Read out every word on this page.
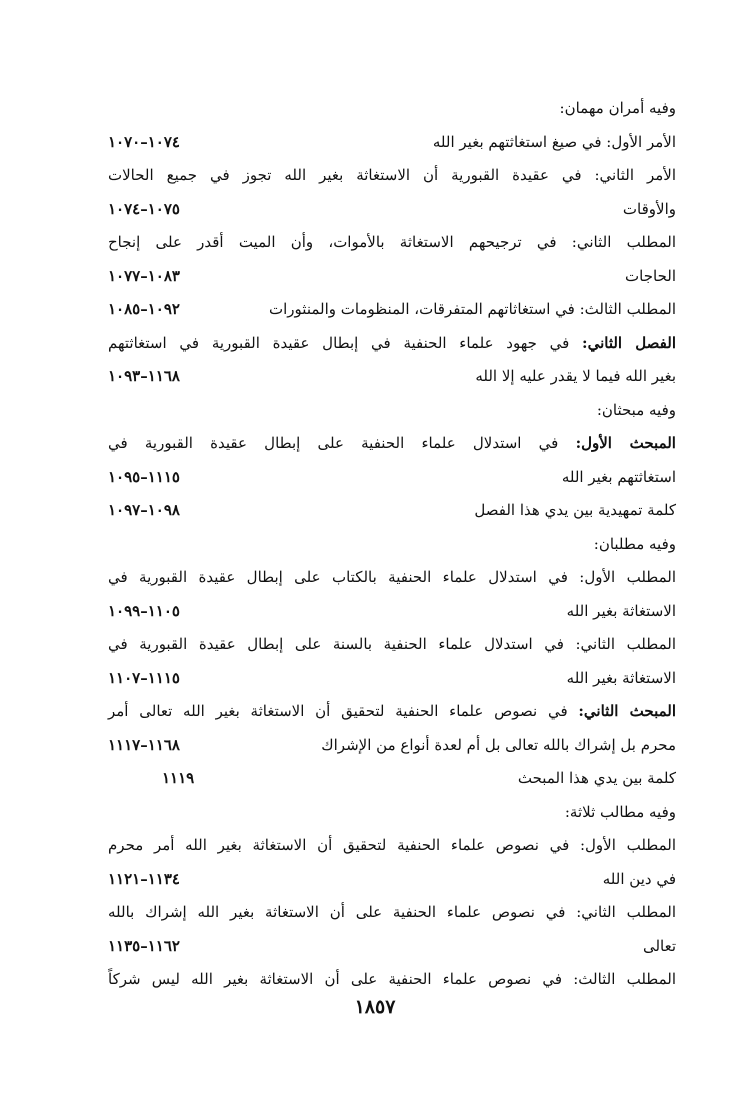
وفيه أمران مهمان:
الأمر الأول: في صيغ استغاثتهم بغير الله
١٠٧٤–١٠٧٠
الأمر الثاني: في عقيدة القبورية أن الاستغاثة بغير الله تجوز في جميع الحالات
والأوقات
١٠٧٥–١٠٧٤
المطلب الثاني: في ترجيحهم الاستغاثة بالأموات، وأن الميت أقدر على إنجاح
الحاجات
١٠٨٣–١٠٧٧
المطلب الثالث: في استغاثاتهم المتفرقات، المنظومات والمنثورات
١٠٩٢–١٠٨٥
الفصل الثاني: في جهود علماء الحنفية في إبطال عقيدة القبورية في استغاثتهم
بغير الله فيما لا يقدر عليه إلا الله
١١٦٨–١٠٩٣
وفيه مبحثان:
المبحث الأول: في استدلال علماء الحنفية على إبطال عقيدة القبورية في
استغاثتهم بغير الله
١١١٥–١٠٩٥
كلمة تمهيدية بين يدي هذا الفصل
١٠٩٨–١٠٩٧
وفيه مطلبان:
المطلب الأول: في استدلال علماء الحنفية بالكتاب على إبطال عقيدة القبورية في
الاستغاثة بغير الله
١١٠٥–١٠٩٩
المطلب الثاني: في استدلال علماء الحنفية بالسنة على إبطال عقيدة القبورية في
الاستغاثة بغير الله
١١١٥–١١٠٧
المبحث الثاني: في نصوص علماء الحنفية لتحقيق أن الاستغاثة بغير الله تعالى أمر
محرم بل إشراك بالله تعالى بل أم لعدة أنواع من الإشراك
١١٦٨–١١١٧
كلمة بين يدي هذا المبحث
١١١٩
وفيه مطالب ثلاثة:
المطلب الأول: في نصوص علماء الحنفية لتحقيق أن الاستغاثة بغير الله أمر محرم
في دين الله
١١٣٤–١١٢١
المطلب الثاني: في نصوص علماء الحنفية على أن الاستغاثة بغير الله إشراك بالله
تعالى
١١٦٢–١١٣٥
المطلب الثالث: في نصوص علماء الحنفية على أن الاستغاثة بغير الله ليس شركاً
١٨٥٧
